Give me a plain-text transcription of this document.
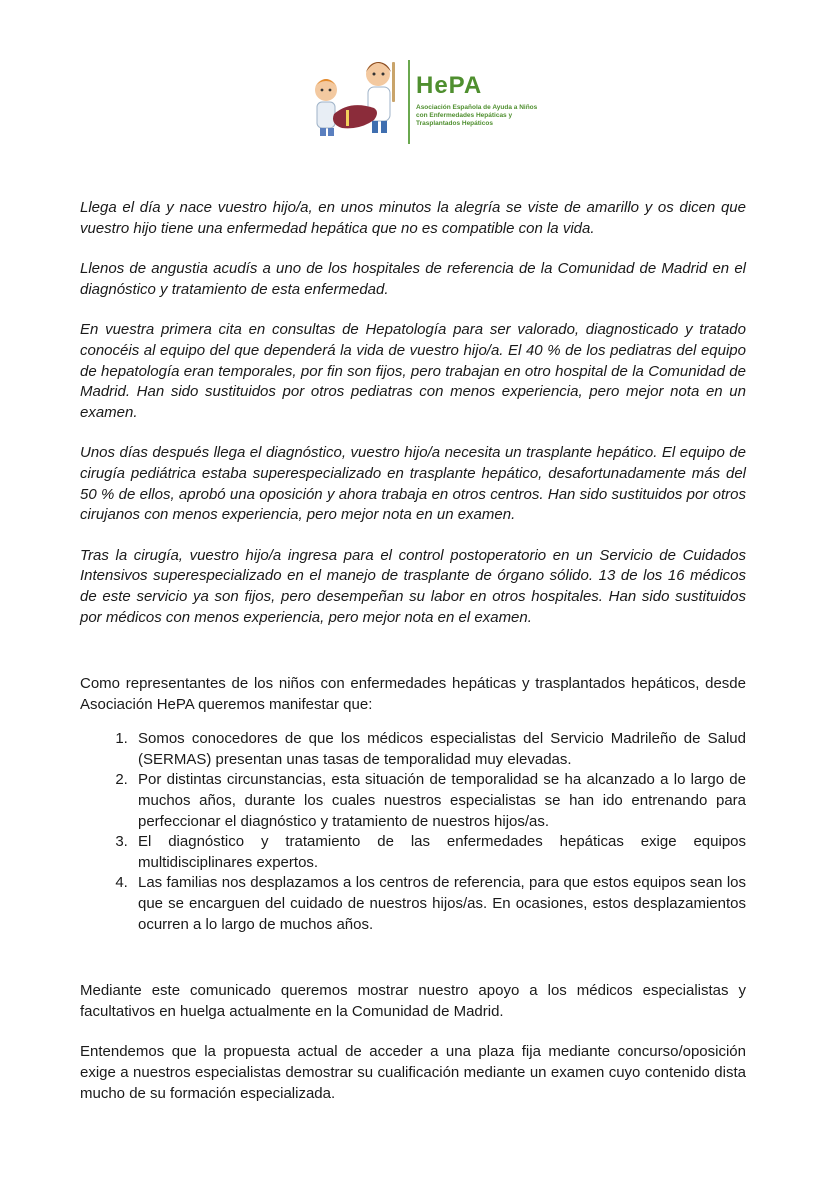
HePA
Asociación Española de Ayuda a Niños con Enfermedades Hepáticas y Trasplantados Hepáticos

Llega el día y nace vuestro hijo/a, en unos minutos la alegría se viste de amarillo y os dicen que vuestro hijo tiene una enfermedad hepática que no es compatible con la vida.

Llenos de angustia acudís a uno de los hospitales de referencia de la Comunidad de Madrid en el diagnóstico y tratamiento de esta enfermedad.

En vuestra primera cita en consultas de Hepatología para ser valorado, diagnosticado y tratado conocéis al equipo del que dependerá la vida de vuestro hijo/a. El 40 % de los pediatras del equipo de hepatología eran temporales, por fin son fijos, pero trabajan en otro hospital de la Comunidad de Madrid. Han sido sustituidos por otros pediatras con menos experiencia, pero mejor nota en un examen.

Unos días después llega el diagnóstico, vuestro hijo/a necesita un trasplante hepático. El equipo de cirugía pediátrica estaba superespecializado en trasplante hepático, desafortunadamente más del 50 % de ellos, aprobó una oposición y ahora trabaja en otros centros. Han sido sustituidos por otros cirujanos con menos experiencia, pero mejor nota en un examen.

Tras la cirugía, vuestro hijo/a ingresa para el control postoperatorio en un Servicio de Cuidados Intensivos superespecializado en el manejo de trasplante de órgano sólido. 13 de los 16 médicos de este servicio ya son fijos, pero desempeñan su labor en otros hospitales. Han sido sustituidos por médicos con menos experiencia, pero mejor nota en el examen.

Como representantes de los niños con enfermedades hepáticas y trasplantados hepáticos, desde Asociación HePA queremos manifestar que:

1. Somos conocedores de que los médicos especialistas del Servicio Madrileño de Salud (SERMAS) presentan unas tasas de temporalidad muy elevadas.
2. Por distintas circunstancias, esta situación de temporalidad se ha alcanzado a lo largo de muchos años, durante los cuales nuestros especialistas se han ido entrenando para perfeccionar el diagnóstico y tratamiento de nuestros hijos/as.
3. El diagnóstico y tratamiento de las enfermedades hepáticas exige equipos multidisciplinares expertos.
4. Las familias nos desplazamos a los centros de referencia, para que estos equipos sean los que se encarguen del cuidado de nuestros hijos/as. En ocasiones, estos desplazamientos ocurren a lo largo de muchos años.

Mediante este comunicado queremos mostrar nuestro apoyo a los médicos especialistas y facultativos en huelga actualmente en la Comunidad de Madrid.

Entendemos que la propuesta actual de acceder a una plaza fija mediante concurso/oposición exige a nuestros especialistas demostrar su cualificación mediante un examen cuyo contenido dista mucho de su formación especializada.
